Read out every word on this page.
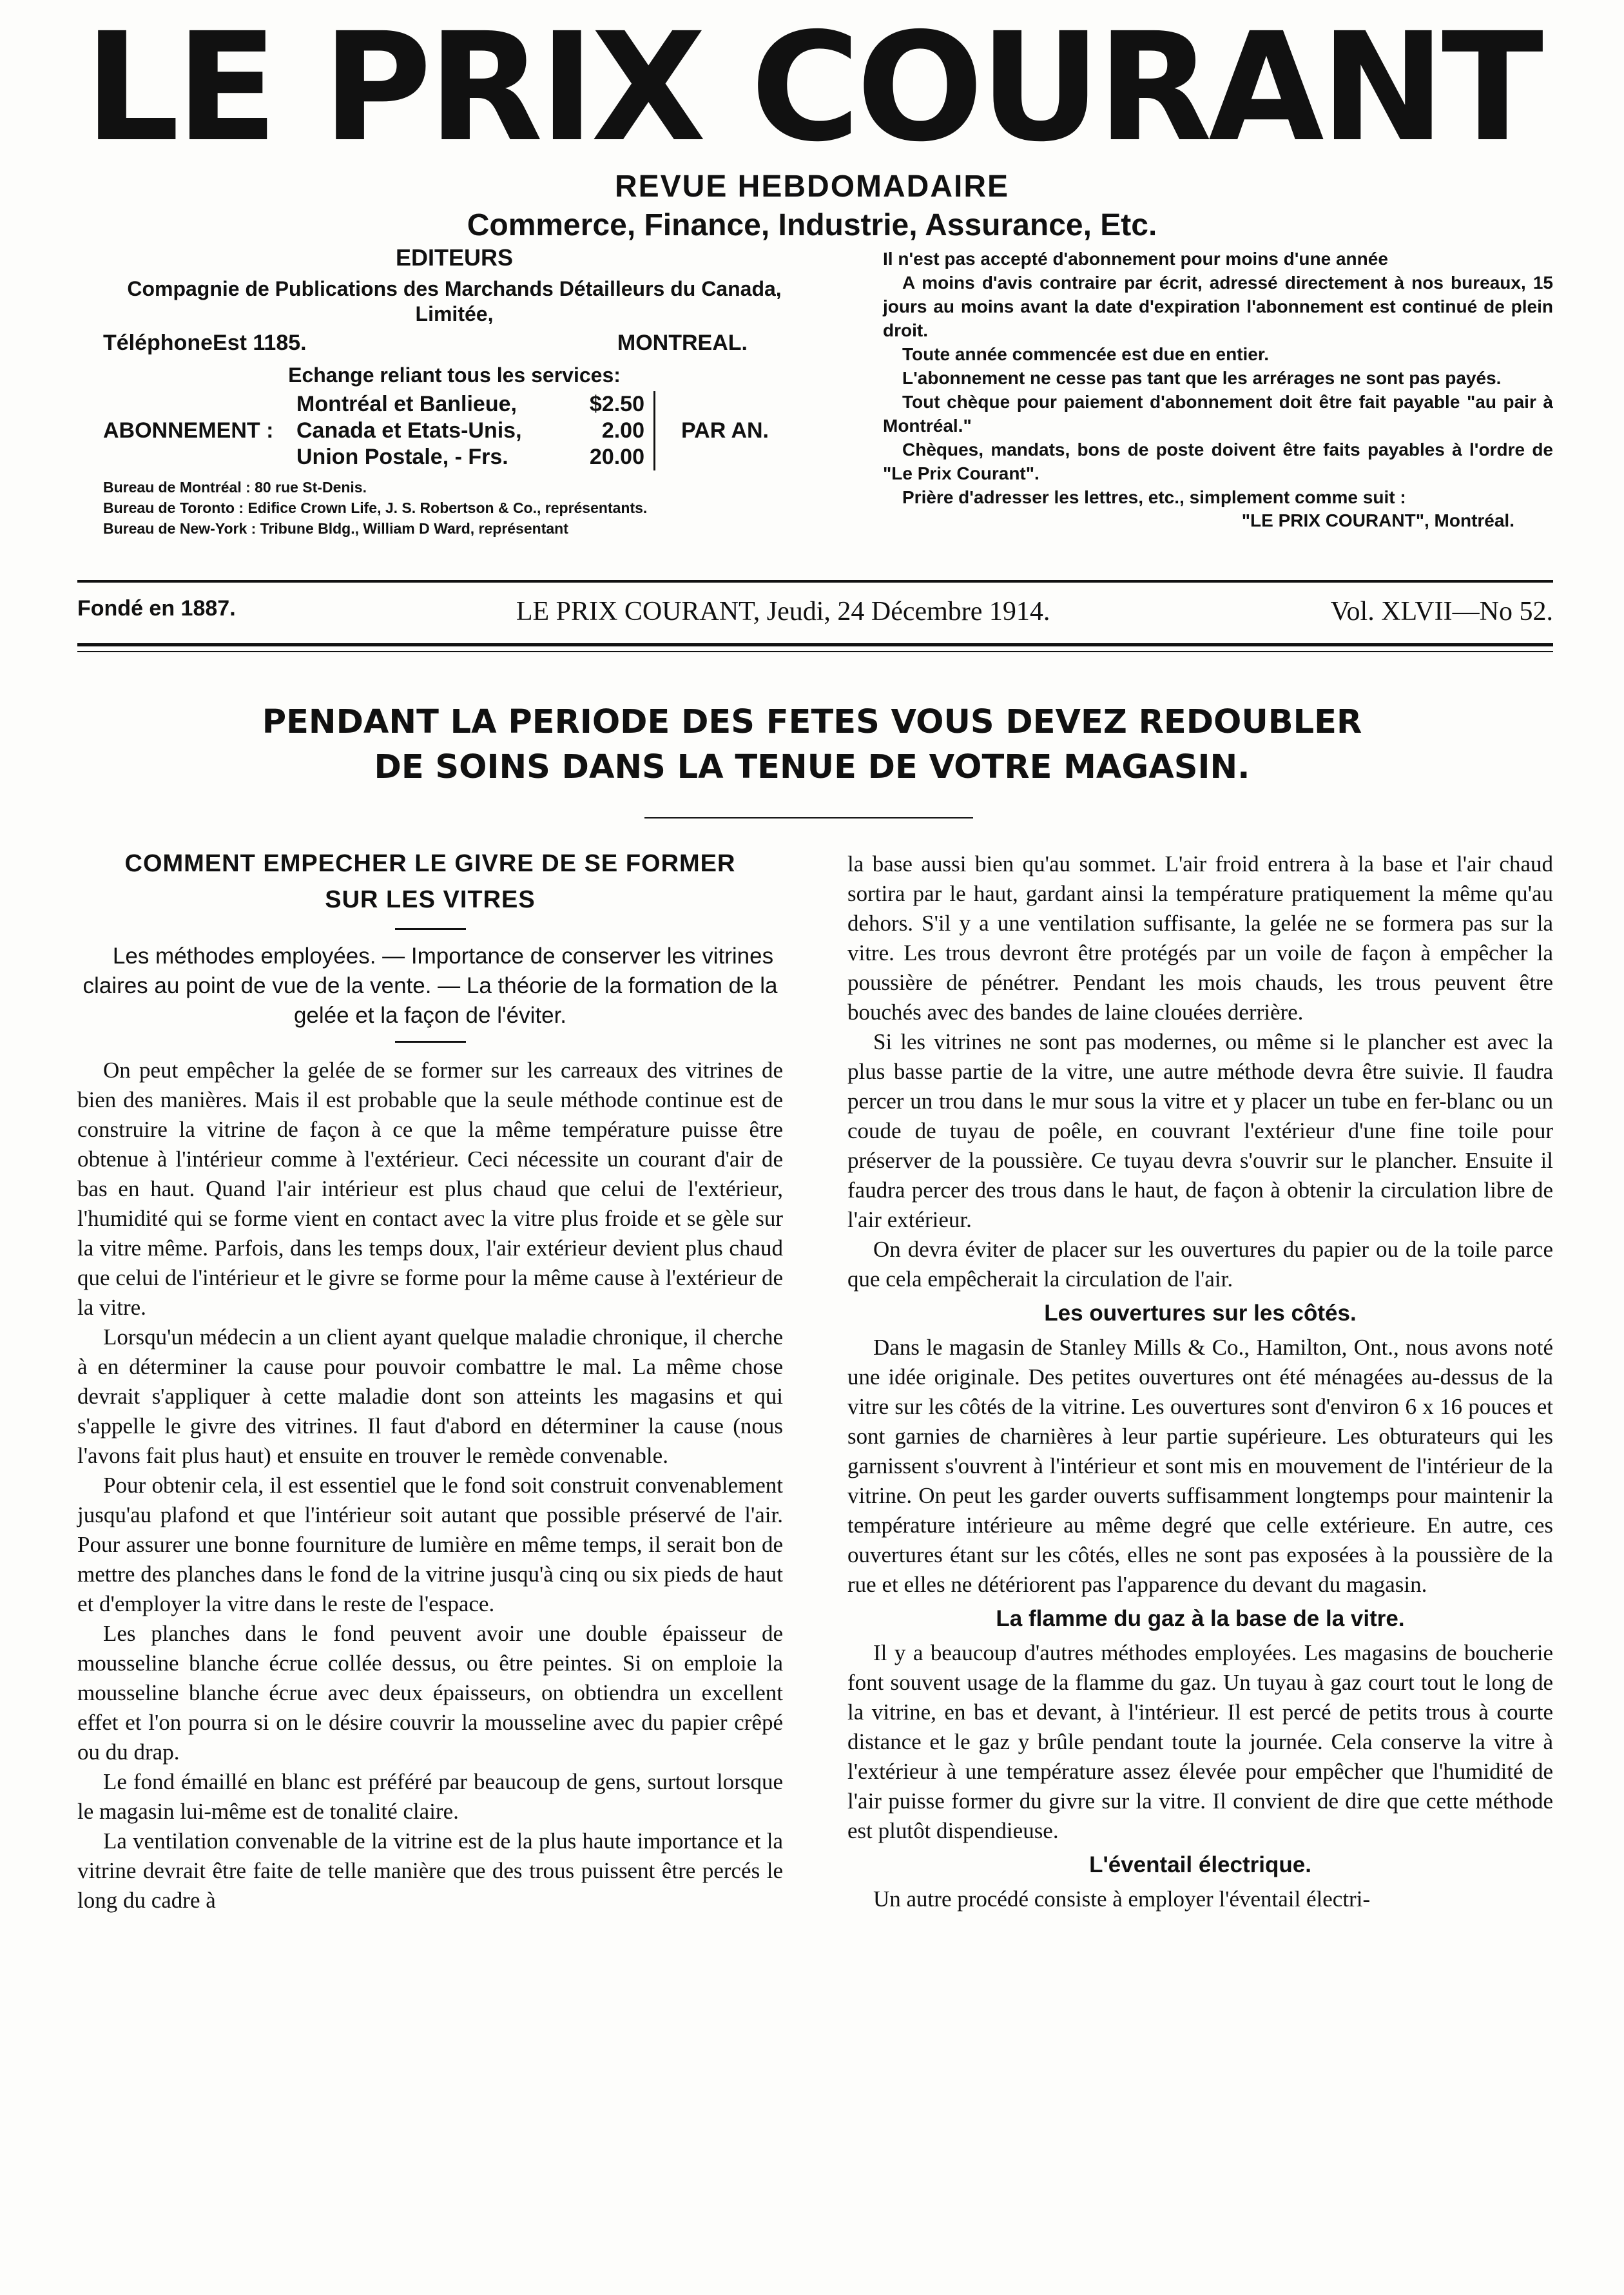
LE PRIX COURANT
REVUE HEBDOMADAIRE
Commerce, Finance, Industrie, Assurance, Etc.
EDITEURS
Compagnie de Publications des Marchands Détailleurs du Canada, Limitée,
TéléphoneEst 1185.	MONTREAL.
Echange reliant tous les services:
ABONNEMENT :
Montréal et Banlieue,	$2.50
Canada et Etats-Unis,	2.00
Union Postale, - Frs.	20.00
PAR AN.
Bureau de Montréal : 80 rue St-Denis.
Bureau de Toronto : Edifice Crown Life, J. S. Robertson & Co., représentants.
Bureau de New-York : Tribune Bldg., William D Ward, représentant

Il n'est pas accepté d'abonnement pour moins d'une année

A moins d'avis contraire par écrit, adressé directement à nos bureaux, 15 jours au moins avant la date d'expiration l'abonnement est continué de plein droit.

Toute année commencée est due en entier.

L'abonnement ne cesse pas tant que les arrérages ne sont pas payés.

Tout chèque pour paiement d'abonnement doit être fait payable "au pair à Montréal."

Chèques, mandats, bons de poste doivent être faits payables à l'ordre de "Le Prix Courant".

Prière d'adresser les lettres, etc., simplement comme suit :

"LE PRIX COURANT", Montréal.

Fondé en 1887.	LE PRIX COURANT, Jeudi, 24 Décembre 1914.	Vol. XLVII—No 52.
PENDANT LA PERIODE DES FETES VOUS DEVEZ REDOUBLER
DE SOINS DANS LA TENUE DE VOTRE MAGASIN.
COMMENT EMPECHER LE GIVRE DE SE FORMER
SUR LES VITRES

Les méthodes employées. — Importance de conserver les vitrines claires au point de vue de la vente. — La théorie de la formation de la gelée et la façon de l'éviter.

On peut empêcher la gelée de se former sur les carreaux des vitrines de bien des manières. Mais il est probable que la seule méthode continue est de construire la vitrine de façon à ce que la même température puisse être obtenue à l'intérieur comme à l'extérieur. Ceci nécessite un courant d'air de bas en haut. Quand l'air intérieur est plus chaud que celui de l'extérieur, l'humidité qui se forme vient en contact avec la vitre plus froide et se gèle sur la vitre même. Parfois, dans les temps doux, l'air extérieur devient plus chaud que celui de l'intérieur et le givre se forme pour la même cause à l'extérieur de la vitre.

Lorsqu'un médecin a un client ayant quelque maladie chronique, il cherche à en déterminer la cause pour pouvoir combattre le mal. La même chose devrait s'appliquer à cette maladie dont son atteints les magasins et qui s'appelle le givre des vitrines. Il faut d'abord en déterminer la cause (nous l'avons fait plus haut) et ensuite en trouver le remède convenable.

Pour obtenir cela, il est essentiel que le fond soit construit convenablement jusqu'au plafond et que l'intérieur soit autant que possible préservé de l'air. Pour assurer une bonne fourniture de lumière en même temps, il serait bon de mettre des planches dans le fond de la vitrine jusqu'à cinq ou six pieds de haut et d'employer la vitre dans le reste de l'espace.

Les planches dans le fond peuvent avoir une double épaisseur de mousseline blanche écrue collée dessus, ou être peintes. Si on emploie la mousseline blanche écrue avec deux épaisseurs, on obtiendra un excellent effet et l'on pourra si on le désire couvrir la mousseline avec du papier crêpé ou du drap.

Le fond émaillé en blanc est préféré par beaucoup de gens, surtout lorsque le magasin lui-même est de tonalité claire.

La ventilation convenable de la vitrine est de la plus haute importance et la vitrine devrait être faite de telle manière que des trous puissent être percés le long du cadre à

la base aussi bien qu'au sommet. L'air froid entrera à la base et l'air chaud sortira par le haut, gardant ainsi la température pratiquement la même qu'au dehors. S'il y a une ventilation suffisante, la gelée ne se formera pas sur la vitre. Les trous devront être protégés par un voile de façon à empêcher la poussière de pénétrer. Pendant les mois chauds, les trous peuvent être bouchés avec des bandes de laine clouées derrière.

Si les vitrines ne sont pas modernes, ou même si le plancher est avec la plus basse partie de la vitre, une autre méthode devra être suivie. Il faudra percer un trou dans le mur sous la vitre et y placer un tube en fer-blanc ou un coude de tuyau de poêle, en couvrant l'extérieur d'une fine toile pour préserver de la poussière. Ce tuyau devra s'ouvrir sur le plancher. Ensuite il faudra percer des trous dans le haut, de façon à obtenir la circulation libre de l'air extérieur.

On devra éviter de placer sur les ouvertures du papier ou de la toile parce que cela empêcherait la circulation de l'air.

Les ouvertures sur les côtés.

Dans le magasin de Stanley Mills & Co., Hamilton, Ont., nous avons noté une idée originale. Des petites ouvertures ont été ménagées au-dessus de la vitre sur les côtés de la vitrine. Les ouvertures sont d'environ 6 x 16 pouces et sont garnies de charnières à leur partie supérieure. Les obturateurs qui les garnissent s'ouvrent à l'intérieur et sont mis en mouvement de l'intérieur de la vitrine. On peut les garder ouverts suffisamment longtemps pour maintenir la température intérieure au même degré que celle extérieure. En autre, ces ouvertures étant sur les côtés, elles ne sont pas exposées à la poussière de la rue et elles ne détériorent pas l'apparence du devant du magasin.

La flamme du gaz à la base de la vitre.

Il y a beaucoup d'autres méthodes employées. Les magasins de boucherie font souvent usage de la flamme du gaz. Un tuyau à gaz court tout le long de la vitrine, en bas et devant, à l'intérieur. Il est percé de petits trous à courte distance et le gaz y brûle pendant toute la journée. Cela conserve la vitre à l'extérieur à une température assez élevée pour empêcher que l'humidité de l'air puisse former du givre sur la vitre. Il convient de dire que cette méthode est plutôt dispendieuse.

L'éventail électrique.

Un autre procédé consiste à employer l'éventail électri-
